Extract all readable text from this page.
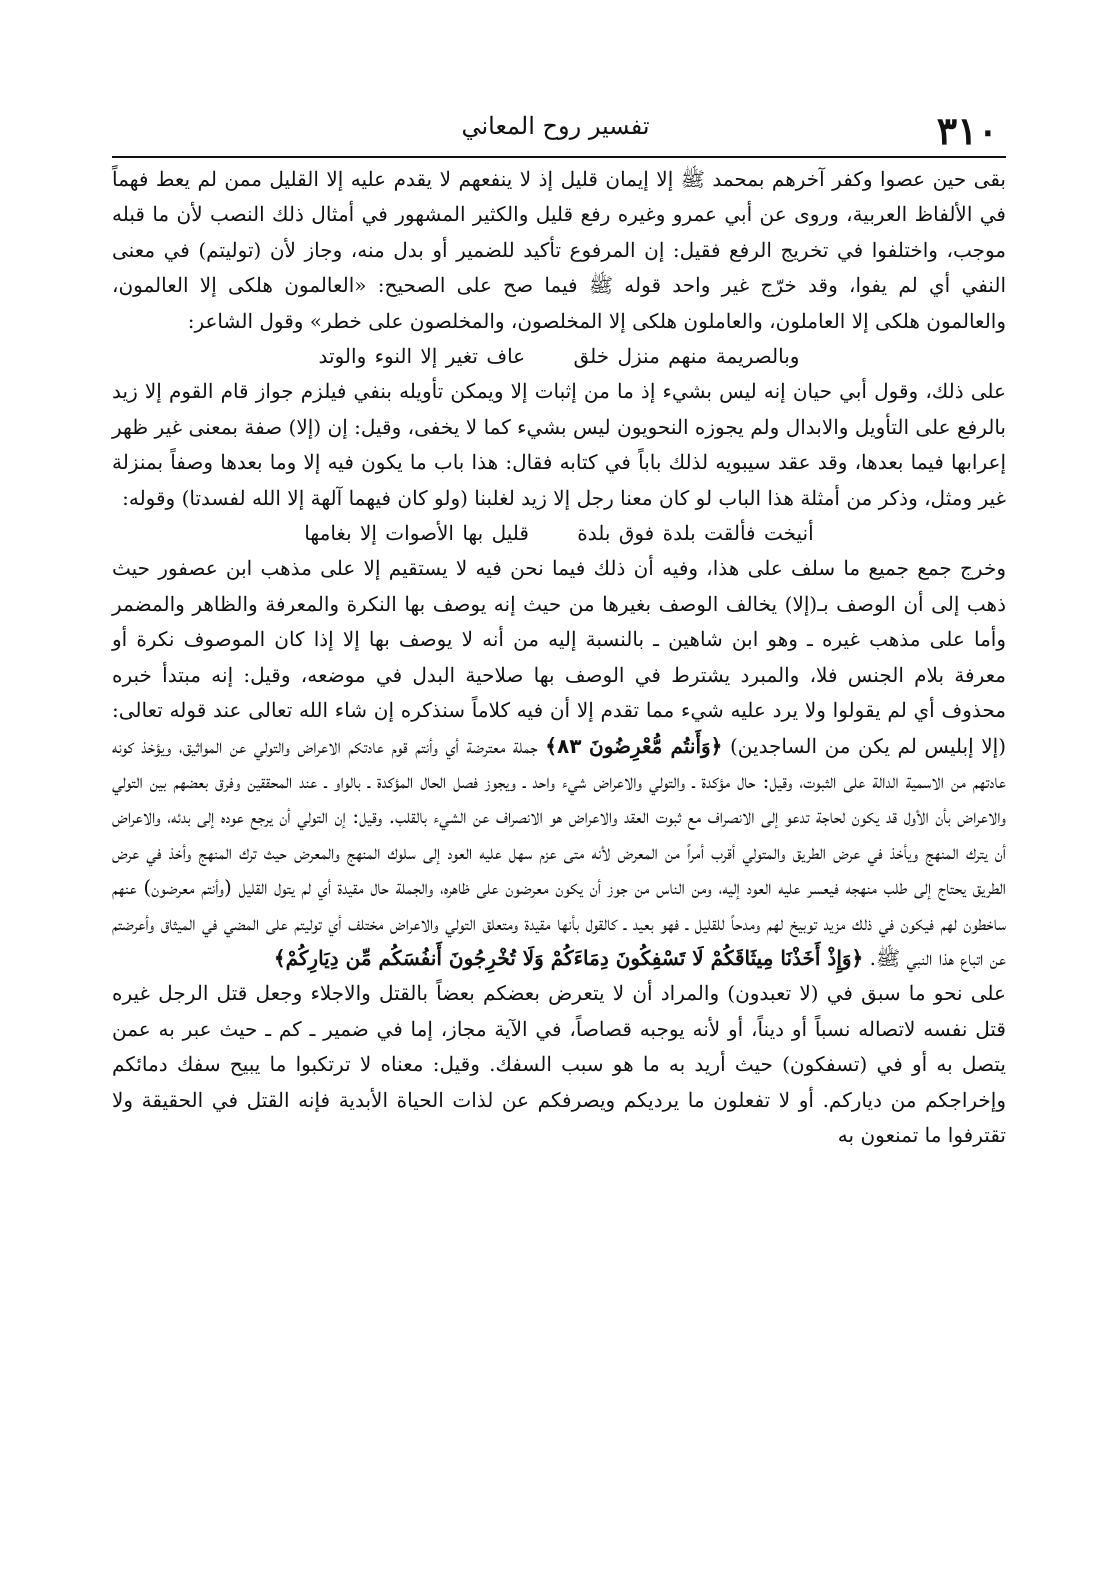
٣١٠
تفسير روح المعاني

بقى حين عصوا وكفر آخرهم بمحمد ﷺ إلا إيمان قليل إذ لا ينفعهم لا يقدم عليه إلا القليل ممن لم يعط فهماً في الألفاظ العربية، وروى عن أبي عمرو وغيره رفع قليل والكثير المشهور في أمثال ذلك النصب لأن ما قبله موجب، واختلفوا في تخريج الرفع فقيل: إن المرفوع تأكيد للضمير أو بدل منه، وجاز لأن (توليتم) في معنى النفي أي لم يفوا، وقد خرّج غير واحد قوله ﷺ فيما صح على الصحيح: «العالمون هلكى إلا العالمون، والعالمون هلكى إلا العاملون، والعاملون هلكى إلا المخلصون، والمخلصون على خطر» وقول الشاعر:

وبالصريمة منهم منزل خلق عاف تغير إلا النوء والوتد

على ذلك، وقول أبي حيان إنه ليس بشيء إذ ما من إثبات إلا ويمكن تأويله بنفي فيلزم جواز قام القوم إلا زيد بالرفع على التأويل والابدال ولم يجوزه النحويون ليس بشيء كما لا يخفى، وقيل: إن (إلا) صفة بمعنى غير ظهر إعرابها فيما بعدها، وقد عقد سيبويه لذلك باباً في كتابه فقال: هذا باب ما يكون فيه إلا وما بعدها وصفاً بمنزلة غير ومثل، وذكر من أمثلة هذا الباب لو كان معنا رجل إلا زيد لغلبنا (ولو كان فيهما آلهة إلا الله لفسدتا) وقوله:

أنيخت فألقت بلدة فوق بلدة قليل بها الأصوات إلا بغامها

وخرج جمع جميع ما سلف على هذا، وفيه أن ذلك فيما نحن فيه لا يستقيم إلا على مذهب ابن عصفور حيث ذهب إلى أن الوصف بـ(إلا) يخالف الوصف بغيرها من حيث إنه يوصف بها النكرة والمعرفة والظاهر والمضمر وأما على مذهب غيره ـ وهو ابن شاهين ـ بالنسبة إليه من أنه لا يوصف بها إلا إذا كان الموصوف نكرة أو معرفة بلام الجنس فلا، والمبرد يشترط في الوصف بها صلاحية البدل في موضعه، وقيل: إنه مبتدأ خبره محذوف أي لم يقولوا ولا يرد عليه شيء مما تقدم إلا أن فيه كلاماً سنذكره إن شاء الله تعالى عند قوله تعالى: (إلا إبليس لم يكن من الساجدين) ﴿وَأَنتُم مُّعْرِضُونَ ٨٣﴾ جملة معترضة أي وأنتم قوم عادتكم الاعراض والتولي عن المواثيق، ويؤخذ كونه عادتهم من الاسمية الدالة على الثبوت، وقيل: حال مؤكدة ـ والتولي والاعراض شيء واحد ـ ويجوز فصل الحال المؤكدة ـ بالواو ـ عند المحققين وفرق بعضهم بين التولي والاعراض بأن الأول قد يكون لحاجة تدعو إلى الانصراف مع ثبوت العقد والاعراض هو الانصراف عن الشيء بالقلب. وقيل: إن التولي أن يرجع عوده إلى بدئه، والاعراض أن يترك المنهج ويأخذ في عرض الطريق والمتولي أقرب أمراً من المعرض لأنه متى عزم سهل عليه العود إلى سلوك المنهج والمعرض حيث ترك المنهج وأخذ في عرض الطريق يحتاج إلى طلب منهجه فيعسر عليه العود إليه، ومن الناس من جوز أن يكون معرضون على ظاهره، والجملة حال مقيدة أي لم يتول القليل (وأنتم معرضون) عنهم ساخطون لهم فيكون في ذلك مزيد توبيخ لهم ومدحاً للقليل ـ فهو بعيد ـ كالقول بأنها مقيدة ومتعلق التولي والاعراض مختلف أي توليتم على المضي في الميثاق وأعرضتم عن اتباع هذا النبي ﷺ. ﴿وَإِذْ أَخَذْنَا مِيثَاقَكُمْ لَا تَسْفِكُونَ دِمَاءَكُمْ وَلَا تُخْرِجُونَ أَنفُسَكُم مِّن دِيَارِكُمْ﴾

على نحو ما سبق في (لا تعبدون) والمراد أن لا يتعرض بعضكم بعضاً بالقتل والاجلاء وجعل قتل الرجل غيره قتل نفسه لاتصاله نسباً أو ديناً، أو لأنه يوجبه قصاصاً، في الآية مجاز، إما في ضمير ـ كم ـ حيث عبر به عمن يتصل به أو في (تسفكون) حيث أريد به ما هو سبب السفك. وقيل: معناه لا ترتكبوا ما يبيح سفك دمائكم وإخراجكم من دياركم. أو لا تفعلون ما يرديكم ويصرفكم عن لذات الحياة الأبدية فإنه القتل في الحقيقة ولا تقترفوا ما تمنعون به
